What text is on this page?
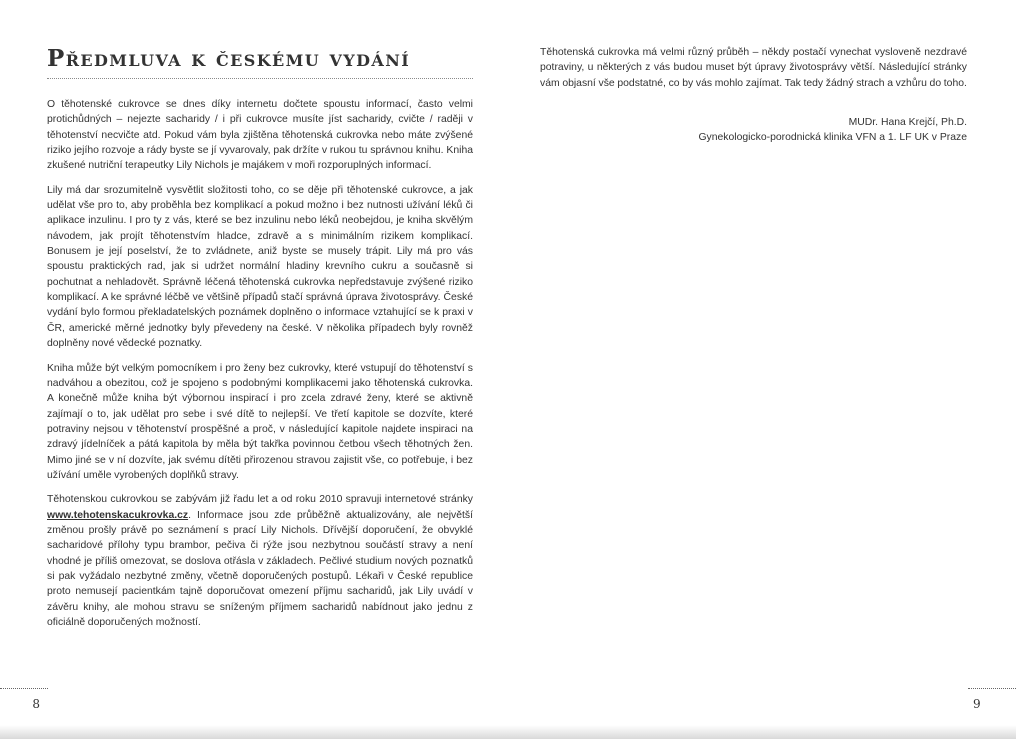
Předmluva k českému vydání

O těhotenské cukrovce se dnes díky internetu dočtete spoustu informací, často velmi protichůdných – nejezte sacharidy / i při cukrovce musíte jíst sacharidy, cvičte / raději v těhotenství necvičte atd. Pokud vám byla zjištěna těhotenská cukrovka nebo máte zvýšené riziko jejího rozvoje a rády byste se jí vyvarovaly, pak držíte v rukou tu správnou knihu. Kniha zkušené nutriční terapeutky Lily Nichols je majákem v moři rozporuplných informací.

Lily má dar srozumitelně vysvětlit složitosti toho, co se děje při těhotenské cukrovce, a jak udělat vše pro to, aby proběhla bez komplikací a pokud možno i bez nutnosti užívání léků či aplikace inzulinu. I pro ty z vás, které se bez inzulinu nebo léků neobejdou, je kniha skvělým návodem, jak projít těhotenstvím hladce, zdravě a s minimálním rizikem komplikací. Bonusem je její poselství, že to zvládnete, aniž byste se musely trápit. Lily má pro vás spoustu praktických rad, jak si udržet normální hladiny krevního cukru a současně si pochutnat a nehladovět. Správně léčená těhotenská cukrovka nepředstavuje zvýšené riziko komplikací. A ke správné léčbě ve většině případů stačí správná úprava životosprávy. České vydání bylo formou překladatelských poznámek doplněno o informace vztahující se k praxi v ČR, americké měrné jednotky byly převedeny na české. V několika případech byly rovněž doplněny nové vědecké poznatky.

Kniha může být velkým pomocníkem i pro ženy bez cukrovky, které vstupují do těhotenství s nadváhou a obezitou, což je spojeno s podobnými komplikacemi jako těhotenská cukrovka. A konečně může kniha být výbornou inspirací i pro zcela zdravé ženy, které se aktivně zajímají o to, jak udělat pro sebe i své dítě to nejlepší. Ve třetí kapitole se dozvíte, které potraviny nejsou v těhotenství prospěšné a proč, v následující kapitole najdete inspiraci na zdravý jídelníček a pátá kapitola by měla být takřka povinnou četbou všech těhotných žen. Mimo jiné se v ní dozvíte, jak svému dítěti přirozenou stravou zajistit vše, co potřebuje, i bez užívání uměle vyrobených doplňků stravy.

Těhotenskou cukrovkou se zabývám již řadu let a od roku 2010 spravuji internetové stránky www.tehotenskacukrovka.cz. Informace jsou zde průběžně aktualizovány, ale největší změnou prošly právě po seznámení s prací Lily Nichols. Dřívější doporučení, že obvyklé sacharidové přílohy typu brambor, pečiva či rýže jsou nezbytnou součástí stravy a není vhodné je příliš omezovat, se doslova otřásla v základech. Pečlivé studium nových poznatků si pak vyžádalo nezbytné změny, včetně doporučených postupů. Lékaři v České republice proto nemusejí pacientkám tajně doporučovat omezení příjmu sacharidů, jak Lily uvádí v závěru knihy, ale mohou stravu se sníženým příjmem sacharidů nabídnout jako jednu z oficiálně doporučených možností.

Těhotenská cukrovka má velmi různý průběh – někdy postačí vynechat vysloveně nezdravé potraviny, u některých z vás budou muset být úpravy životosprávy větší. Následující stránky vám objasní vše podstatné, co by vás mohlo zajímat. Tak tedy žádný strach a vzhůru do toho.

MUDr. Hana Krejčí, Ph.D.
Gynekologicko-porodnická klinika VFN a 1. LF UK v Praze
8	9
